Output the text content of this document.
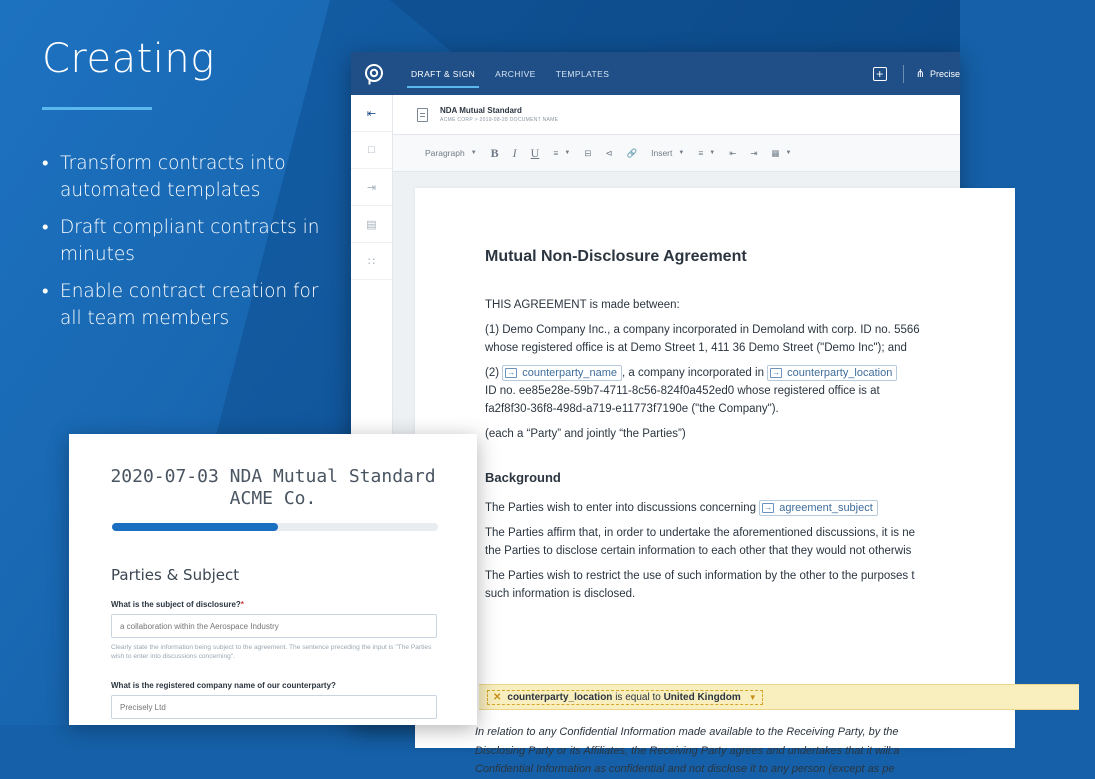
Creating
• Transform contracts into automated templates
• Draft compliant contracts in minutes
• Enable contract creation for all team members
DRAFT & SIGN ARCHIVE TEMPLATES	+	⋔ Precise
⇤
□
⇥
▤
∷
NDA Mutual Standard
ACME CORP > 2019-08-28 DOCUMENT NAME
Paragraph ▼ B I U ≡ ▼ ⊟ ⊲ 🔗 Insert ▼ ≡ ▼ ⇤ ⇥ ▦ ▼
Mutual Non-Disclosure Agreement
THIS AGREEMENT is made between:
(1) Demo Company Inc., a company incorporated in Demoland with corp. ID no. 5566
whose registered office is at Demo Street 1, 411 36 Demo Street ("Demo Inc"); and
(2) → counterparty_name , a company incorporated in → counterparty_location
ID no. ee85e28e-59b7-4711-8c56-824f0a452ed0 whose registered office is at
fa2f8f30-36f8-498d-a719-e11773f7190e ("the Company").
(each a “Party” and jointly “the Parties”)
Background
The Parties wish to enter into discussions concerning → agreement_subject
The Parties affirm that, in order to undertake the aforementioned discussions, it is ne
the Parties to disclose certain information to each other that they would not otherwis
The Parties wish to restrict the use of such information by the other to the purposes t
such information is disclosed.
✕ counterparty_location
is equal to
United Kingdom ▼
In relation to any Confidential Information made available to the Receiving Party, by the
Disclosing Party or its Affiliates, the Receiving Party agrees and undertakes that it will:a
Confidential Information as confidential and not disclose it to any person (except as pe
2020-07-03 NDA Mutual Standard
ACME Co.
Parties & Subject
What is the subject of disclosure?*
a collaboration within the Aerospace Industry
Clearly state the information being subject to the agreement. The sentence preceding the input is "The Parties wish to enter into discussions concerning".
What is the registered company name of our counterparty?
Precisely Ltd
